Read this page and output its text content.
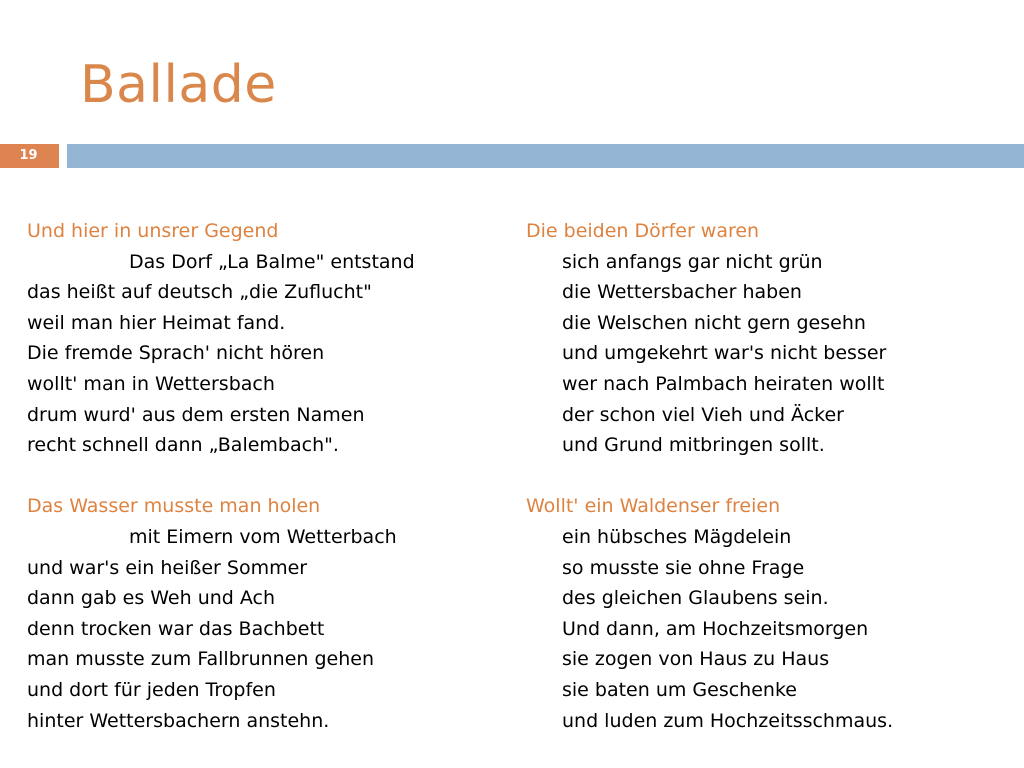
Ballade
19
Und hier in unsrer Gegend
Das Dorf „La Balme" entstand
das heißt auf deutsch „die Zuflucht"
weil man hier Heimat fand.
Die fremde Sprach' nicht hören
wollt' man in Wettersbach
drum wurd' aus dem ersten Namen
recht schnell dann „Balembach".
Das Wasser musste man holen
mit Eimern vom Wetterbach
und war's ein heißer Sommer
dann gab es Weh und Ach
denn trocken war das Bachbett
man musste zum Fallbrunnen gehen
und dort für jeden Tropfen
hinter Wettersbachern anstehn.
Die beiden Dörfer waren
sich anfangs gar nicht grün
die Wettersbacher haben
die Welschen nicht gern gesehn
und umgekehrt war's nicht besser
wer nach Palmbach heiraten wollt
der schon viel Vieh und Äcker
und Grund mitbringen sollt.
Wollt' ein Waldenser freien
ein hübsches Mägdelein
so musste sie ohne Frage
des gleichen Glaubens sein.
Und dann, am Hochzeitsmorgen
sie zogen von Haus zu Haus
sie baten um Geschenke
und luden zum Hochzeitsschmaus.
